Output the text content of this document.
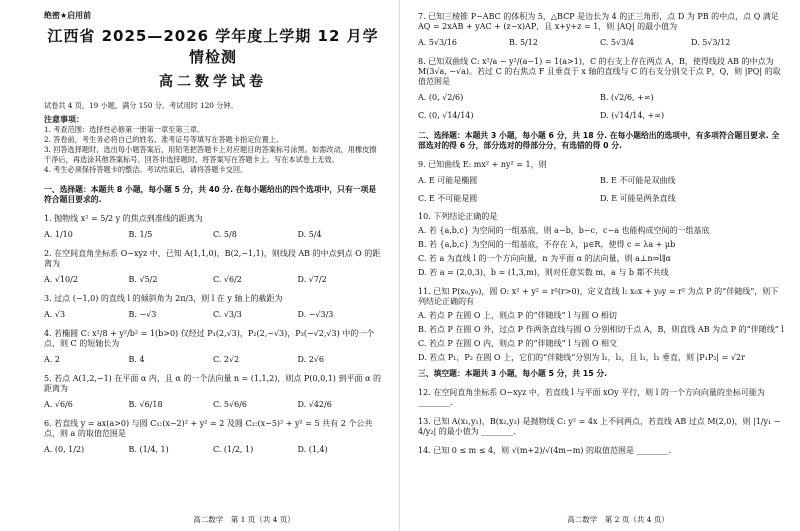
绝密★启用前
江西省 2025—2026 学年度上学期 12 月学情检测
高二数学试卷
试卷共 4 页，19 小题，满分 150 分。考试用时 120 分钟。
注意事项：
1. 考查范围：选择性必修第一册第一章至第三章。
2. 答卷前，考生务必将自己的姓名、准考证号等填写在答题卡指定位置上。
3. 回答选择题时，选出每小题答案后，用铅笔把答题卡上对应题目的答案标号涂黑。如需改动，用橡皮擦干净后，再选涂其他答案标号。回答非选择题时，将答案写在答题卡上。写在本试卷上无效。
4. 考生必须保持答题卡的整洁。考试结束后，请将答题卡交回。
一、选择题：本题共 8 小题，每小题 5 分，共 40 分. 在每小题给出的四个选项中，只有一项是符合题目要求的.
1. 抛物线 x² = 5/2 y 的焦点到准线的距离为
A. 1/10	B. 1/5	C. 5/8	D. 5/4
2. 在空间直角坐标系 O−xyz 中，已知 A(1,1,0)，B(2,−1,1)，则线段 AB 的中点到点 O 的距离为
A. √10/2	B. √5/2	C. √6/2	D. √7/2
3. 过点 (−1,0) 的直线 l 的倾斜角为 2π/3，则 l 在 y 轴上的截距为
A. √3	B. −√3	C. √3/3	D. −√3/3
4. 若椭圆 C: x²/8 + y²/b² = 1(b>0) 仅经过 P₁(2,√3)，P₂(2,−√3)，P₃(−√2,√3) 中的一个点，则 C 的短轴长为
A. 2	B. 4	C. 2√2	D. 2√6
5. 若点 A(1,2,−1) 在平面 α 内，且 α 的一个法向量 n = (1,1,2)，则点 P(0,0,1) 到平面 α 的距离为
A. √6/6	B. √6/18	C. 5√6/6	D. √42/6
6. 若直线 y = ax(a>0) 与圆 C₁:(x−2)² + y² = 2 及圆 C₂:(x−5)² + y² = 5 共有 2 个公共点，则 a 的取值范围是
A. (0, 1/2)	B. (1/4, 1)	C. (1/2, 1)	D. (1,4)
高二数学　第 1 页（共 4 页）
7. 已知三棱锥 P−ABC 的体积为 5，△BCP 是边长为 4 的正三角形，点 D 为 PB 的中点，点 Q 满足 AQ = 2xAB + yAC + (z−x)AP，且 x+y+z = 1，则 |AQ| 的最小值为
A. 5√3/16	B. 5/12	C. 5√3/4	D. 5√3/12
8. 已知双曲线 C: x²/a − y²/(a−1) = 1(a>1)，C 的右支上存在两点 A，B，使得线段 AB 的中点为 M(3√a, −√a)。若过 C 的右焦点 F 且垂直于 x 轴的直线与 C 的右支分别交于点 P，Q，则 |PQ| 的取值范围是
A. (0, √2/6)	B. (√2/6, +∞)
C. (0, √14/14)	D. (√14/14, +∞)
二、选择题：本题共 3 小题，每小题 6 分，共 18 分. 在每小题给出的选项中，有多项符合题目要求. 全部选对的得 6 分，部分选对的得部分分，有选错的得 0 分.
9. 已知曲线 E: mx² + ny² = 1，则
A. E 可能是椭圆	B. E 不可能是双曲线
C. E 不可能是圆	D. E 可能是两条直线
10. 下列结论正确的是
A. 若 {a,b,c} 为空间的一组基底，则 a−b，b−c，c−a 也能构成空间的一组基底
B. 若 {a,b,c} 为空间的一组基底，不存在 λ，μ∈R，使得 c = λa + μb
C. 若 a 为直线 l 的一个方向向量，n 为平面 α 的法向量，则 a⊥n⇒l∥α
D. 若 a = (2,0,3)，b = (1,3,m)，则对任意实数 m，a 与 b 都不共线
11. 已知 P(x₀,y₀)，圆 O: x² + y² = r²(r>0)，定义直线 l: x₀x + y₀y = r² 为点 P 的“伴随线”，则下列结论正确的有
A. 若点 P 在圆 O 上，则点 P 的“伴随线” l 与圆 O 相切
B. 若点 P 在圆 O 外，过点 P 作两条直线与圆 O 分别相切于点 A，B，则直线 AB 为点 P 的“伴随线” l
C. 若点 P 在圆 O 内，则点 P 的“伴随线” l 与圆 O 相交
D. 若点 P₁，P₂ 在圆 O 上，它们的“伴随线”分别为 l₁，l₂，且 l₁，l₂ 垂直，则 |P₁P₂| = √2r
三、填空题：本题共 3 小题，每小题 5 分，共 15 分.
12. 在空间直角坐标系 O−xyz 中，若直线 l 与平面 xOy 平行，则 l 的一个方向向量的坐标可能为 ________.
13. 已知 A(x₁,y₁)，B(x₂,y₂) 是抛物线 C: y² = 4x 上不同两点，若直线 AB 过点 M(2,0)，则 |1/y₁ − 4/y₂| 的最小值为 ________.
14. 已知 0 ≤ m ≤ 4，则 √(m+2)/√(4m−m) 的取值范围是 ________.
高二数学　第 2 页（共 4 页）
